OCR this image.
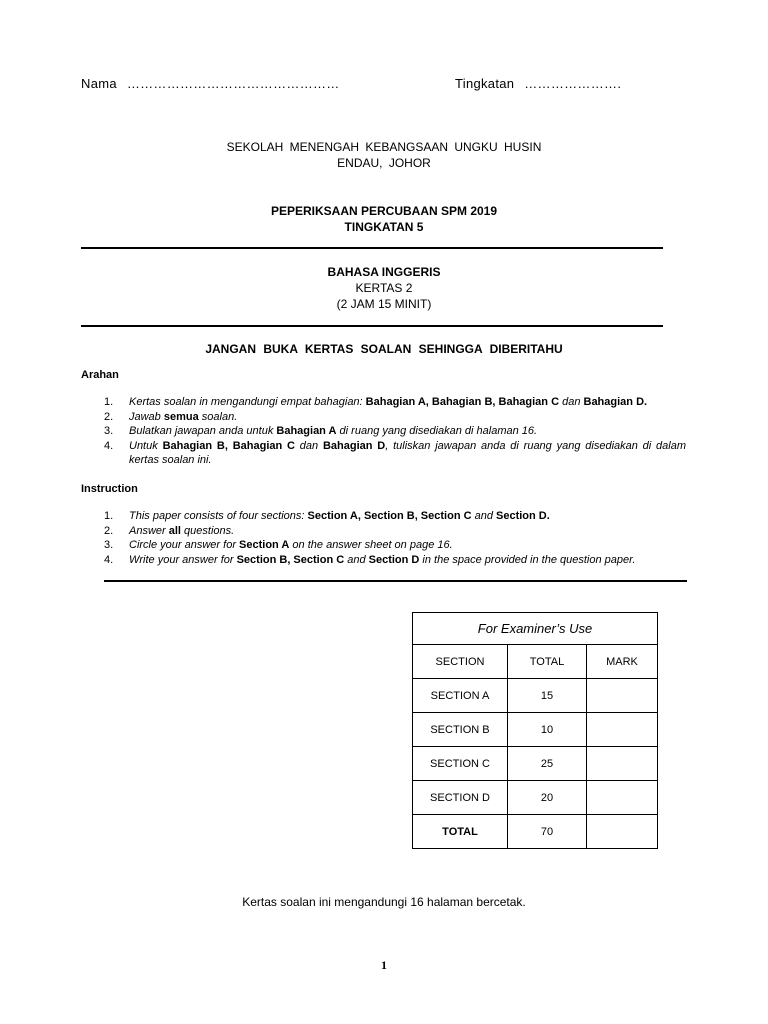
Nama …………………………………………	Tingkatan ………………….
SEKOLAH MENENGAH KEBANGSAAN UNGKU HUSIN
ENDAU, JOHOR
PEPERIKSAAN PERCUBAAN SPM 2019
TINGKATAN 5
BAHASA INGGERIS
KERTAS 2
(2 JAM 15 MINIT)
JANGAN BUKA KERTAS SOALAN SEHINGGA DIBERITAHU
Arahan
1. Kertas soalan in mengandungi empat bahagian: Bahagian A, Bahagian B, Bahagian C dan Bahagian D.
2. Jawab semua soalan.
3. Bulatkan jawapan anda untuk Bahagian A di ruang yang disediakan di halaman 16.
4. Untuk Bahagian B, Bahagian C dan Bahagian D, tuliskan jawapan anda di ruang yang disediakan di dalam kertas soalan ini.
Instruction
1. This paper consists of four sections: Section A, Section B, Section C and Section D.
2. Answer all questions.
3. Circle your answer for Section A on the answer sheet on page 16.
4. Write your answer for Section B, Section C and Section D in the space provided in the question paper.
For Examiner’s Use		
SECTION	TOTAL	MARK
SECTION A	15	
SECTION B	10	
SECTION C	25	
SECTION D	20	
TOTAL	70	
Kertas soalan ini mengandungi 16 halaman bercetak.
1
